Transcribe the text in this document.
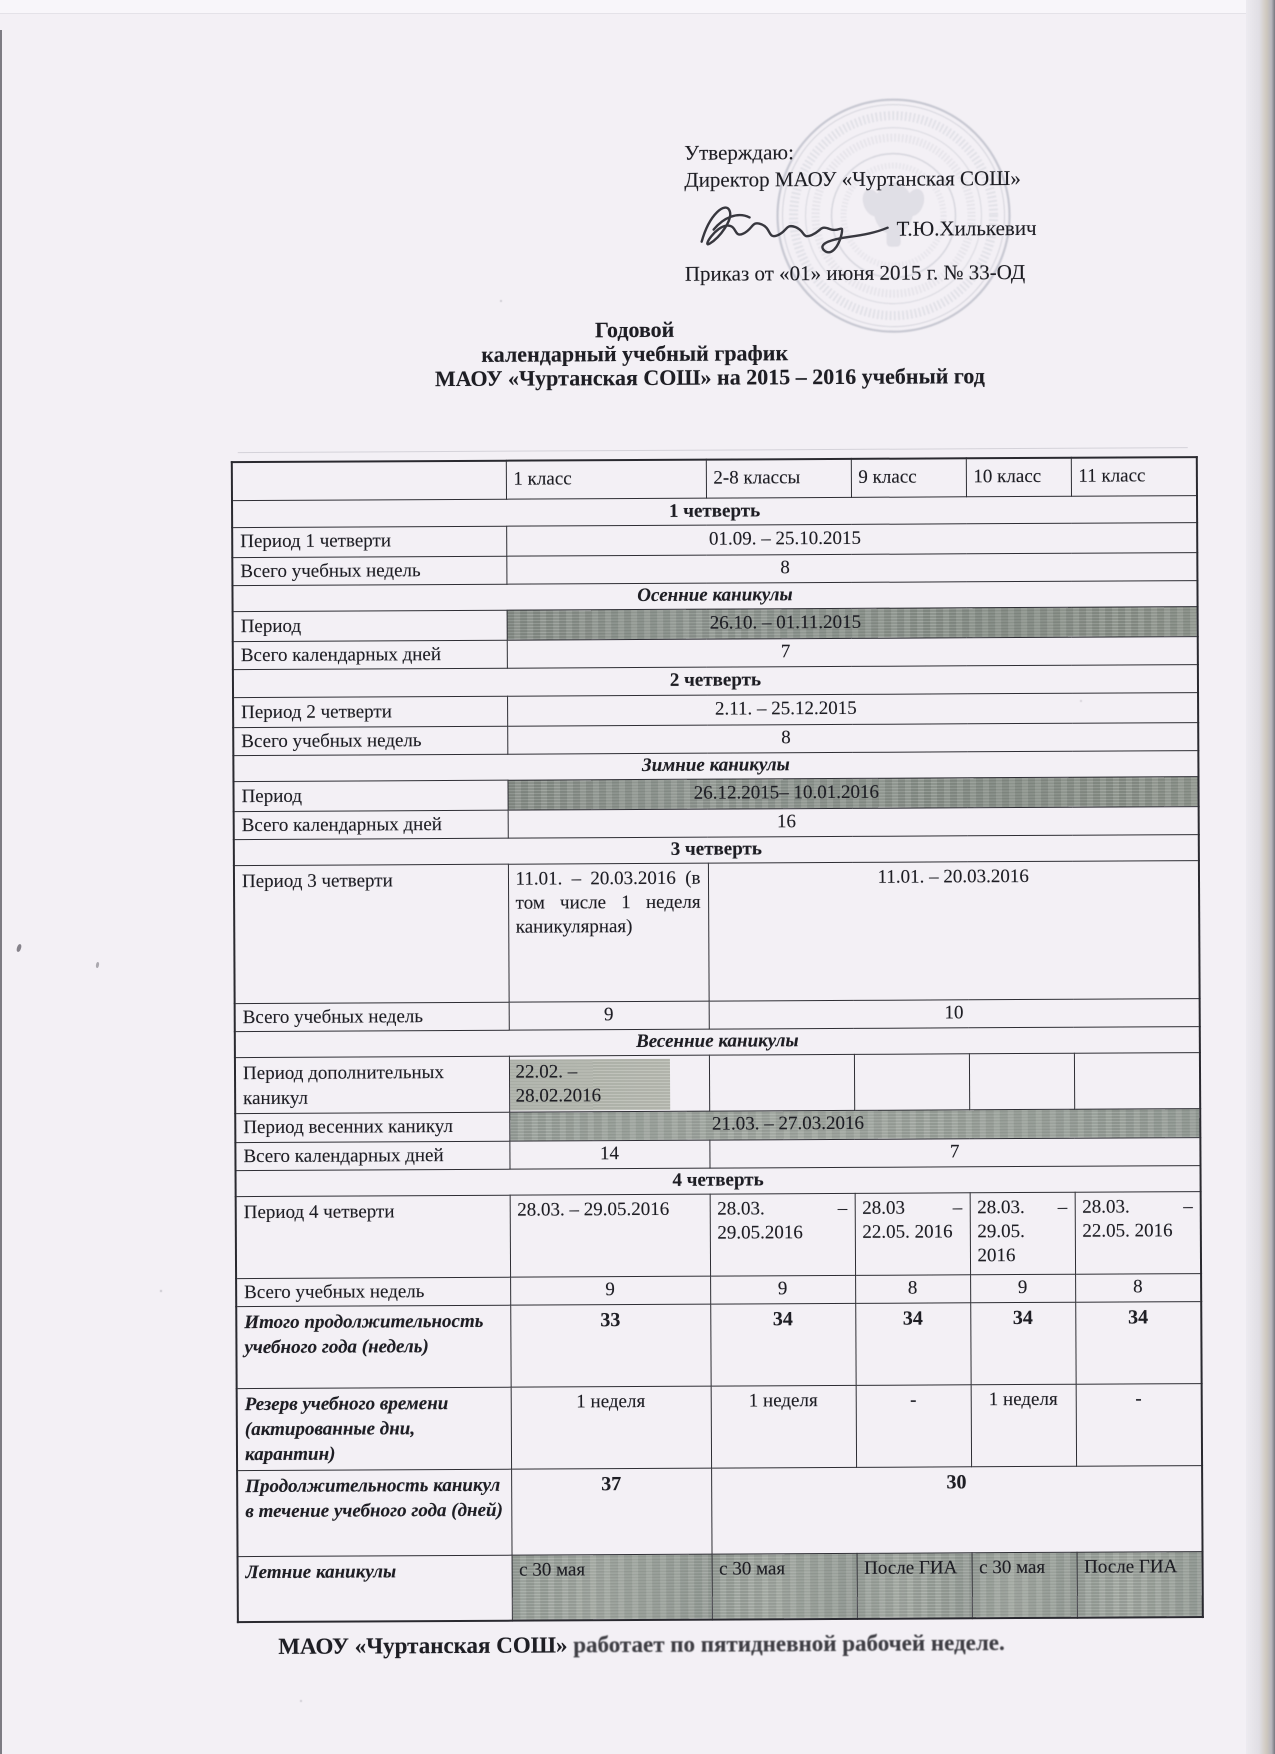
Утверждаю:
Директор МАОУ «Чуртанская СОШ»
Т.Ю.Хилькевич
Приказ от «01» июня 2015 г. № 33-ОД
Годовой
календарный учебный график
МАОУ «Чуртанская СОШ» на 2015 – 2016 учебный год
	1 класс	2-8 классы	9 класс	10 класс	11 класс
1 четверть					
Период 1 четверти	01.09. – 25.10.2015				
Всего учебных недель	8				
Осенние каникулы					
Период	26.10. – 01.11.2015				
Всего календарных дней	7				
2 четверть					
Период 2 четверти	2.11. – 25.12.2015				
Всего учебных недель	8				
Зимние каникулы					
Период	26.12.2015– 10.01.2016				
Всего календарных дней	16				
3 четверть					
Период 3 четверти	11.01. – 20.03.2016 (в том числе 1 неделя каникулярная)	11.01. – 20.03.2016			
Всего учебных недель	9	10			
Весенние каникулы					
Период дополнительных каникул	22.02. – 28.02.2016				

Период весенних каникул	21.03. – 27.03.2016				
Всего календарных дней	14	7			
4 четверть					
Период 4 четверти	28.03. – 29.05.2016	28.03. – 29.05.2016	28.03 – 22.05. 2016	28.03. – 29.05. 2016	28.03. – 22.05. 2016
Всего учебных недель	9	9	8	9	8
Итого продолжительность учебного года (недель)	33	34	34	34	34
Резерв учебного времени (актированные дни, карантин)	1 неделя	1 неделя	-	1 неделя	-
Продолжительность каникул в течение учебного года (дней)	37	30			
Летние каникулы	с 30 мая	с 30 мая	После ГИА	с 30 мая	После ГИА
МАОУ «Чуртанская СОШ» работает по пятидневной рабочей неделе.
